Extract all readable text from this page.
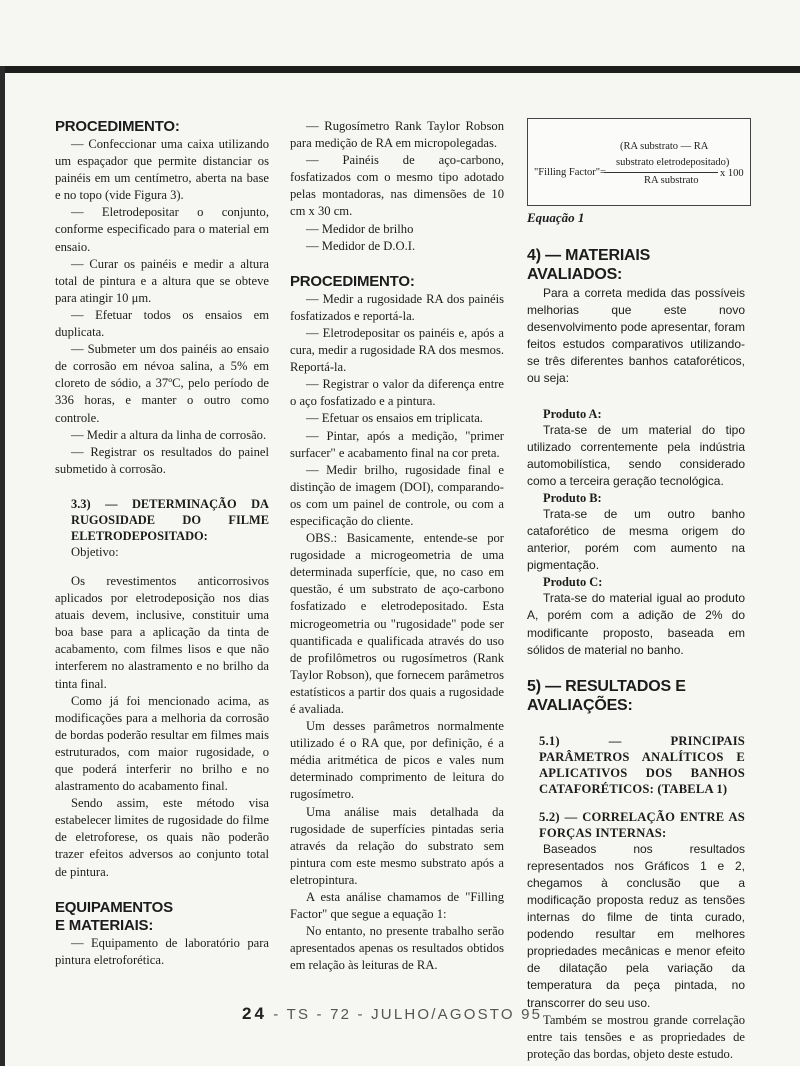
PROCEDIMENTO:

— Confeccionar uma caixa utilizando um espaçador que permite distanciar os painéis em um centímetro, aberta na base e no topo (vide Figura 3).

— Eletrodepositar o conjunto, conforme especificado para o material em ensaio.

— Curar os painéis e medir a altura total de pintura e a altura que se obteve para atingir 10 μm.

— Efetuar todos os ensaios em duplicata.

— Submeter um dos painéis ao ensaio de corrosão em névoa salina, a 5% em cloreto de sódio, a 37ºC, pelo período de 336 horas, e manter o outro como controle.

— Medir a altura da linha de corrosão.

— Registrar os resultados do painel submetido à corrosão.

3.3) — DETERMINAÇÃO DA RUGOSIDADE DO FILME ELETRODEPOSITADO:

Objetivo:

Os revestimentos anticorrosivos aplicados por eletrodeposição nos dias atuais devem, inclusive, constituir uma boa base para a aplicação da tinta de acabamento, com filmes lisos e que não interferem no alastramento e no brilho da tinta final.

Como já foi mencionado acima, as modificações para a melhoria da corrosão de bordas poderão resultar em filmes mais estruturados, com maior rugosidade, o que poderá interferir no brilho e no alastramento do acabamento final.

Sendo assim, este método visa estabelecer limites de rugosidade do filme de eletroforese, os quais não poderão trazer efeitos adversos ao conjunto total de pintura.

EQUIPAMENTOS E MATERIAIS:

— Equipamento de laboratório para pintura eletroforética.

— Rugosímetro Rank Taylor Robson para medição de RA em micropolegadas.

— Painéis de aço-carbono, fosfatizados com o mesmo tipo adotado pelas montadoras, nas dimensões de 10 cm x 30 cm.

— Medidor de brilho

— Medidor de D.O.I.

PROCEDIMENTO:

— Medir a rugosidade RA dos painéis fosfatizados e reportá-la.

— Eletrodepositar os painéis e, após a cura, medir a rugosidade RA dos mesmos. Reportá-la.

— Registrar o valor da diferença entre o aço fosfatizado e a pintura.

— Efetuar os ensaios em triplicata.

— Pintar, após a medição, "primer surfacer" e acabamento final na cor preta.

— Medir brilho, rugosidade final e distinção de imagem (DOI), comparando-os com um painel de controle, ou com a especificação do cliente.

OBS.: Basicamente, entende-se por rugosidade a microgeometria de uma determinada superfície, que, no caso em questão, é um substrato de aço-carbono fosfatizado e eletrodepositado. Esta microgeometria ou "rugosidade" pode ser quantificada e qualificada através do uso de profilômetros ou rugosímetros (Rank Taylor Robson), que fornecem parâmetros estatísticos a partir dos quais a rugosidade é avaliada.

Um desses parâmetros normalmente utilizado é o RA que, por definição, é a média aritmética de picos e vales num determinado comprimento de leitura do rugosímetro.

Uma análise mais detalhada da rugosidade de superfícies pintadas seria através da relação do substrato sem pintura com este mesmo substrato após a eletropintura.

A esta análise chamamos de "Filling Factor" que segue a equação 1:

No entanto, no presente trabalho serão apresentados apenas os resultados obtidos em relação às leituras de RA.

(RA substrato — RA
"Filling Factor"=
substrato eletrodepositado)
RA substrato
x 100
Equação 1
4) — MATERIAIS AVALIADOS:

Para a correta medida das possíveis melhorias que este novo desenvolvimento pode apresentar, foram feitos estudos comparativos utilizando-se três diferentes banhos cataforéticos, ou seja:

Produto A:

Trata-se de um material do tipo utilizado correntemente pela indústria automobilística, sendo considerado como a terceira geração tecnológica.

Produto B:

Trata-se de um outro banho cataforético de mesma origem do anterior, porém com aumento na pigmentação.

Produto C:

Trata-se do material igual ao produto A, porém com a adição de 2% do modificante proposto, baseada em sólidos de material no banho.

5) — RESULTADOS E AVALIAÇÕES:

5.1) — PRINCIPAIS PARÂMETROS ANALÍTICOS E APLICATIVOS DOS BANHOS CATAFORÉTICOS: (TABELA 1)

5.2) — CORRELAÇÃO ENTRE AS FORÇAS INTERNAS:

Baseados nos resultados representados nos Gráficos 1 e 2, chegamos à conclusão que a modificação proposta reduz as tensões internas do filme de tinta curado, podendo resultar em melhores propriedades mecânicas e menor efeito de dilatação pela variação da temperatura da peça pintada, no transcorrer do seu uso.

Também se mostrou grande correlação entre tais tensões e as propriedades de proteção das bordas, objeto deste estudo.

24 - TS - 72 - JULHO/AGOSTO 95
